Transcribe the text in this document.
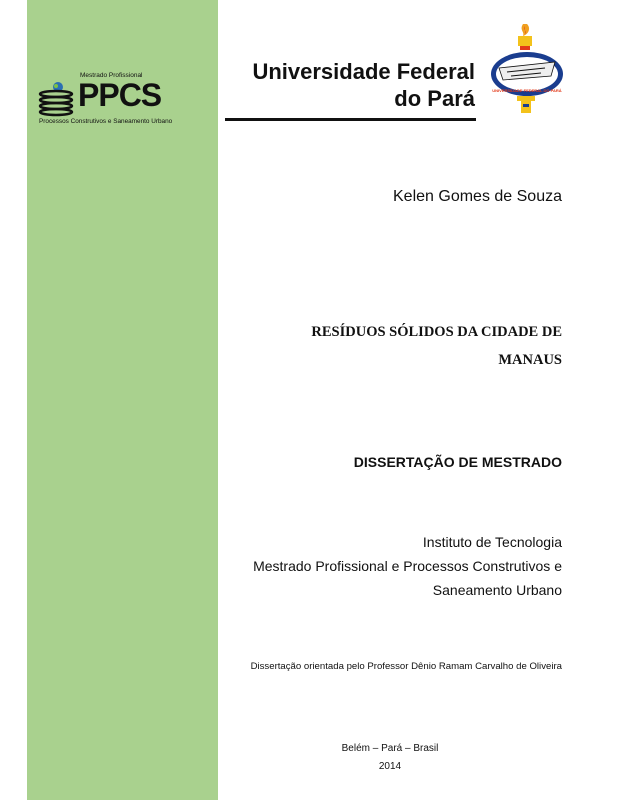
Mestrado Profissional
PPCS
Processos Construtivos e Saneamento Urbano
Universidade Federal
do Pará	UNIVERSIDADE FEDERAL DO PARÁ
Kelen Gomes de Souza
RESÍDUOS SÓLIDOS DA CIDADE DE
MANAUS
DISSERTAÇÃO DE MESTRADO
Instituto de Tecnologia
Mestrado Profissional e Processos Construtivos e
Saneamento Urbano
Dissertação orientada pelo Professor Dênio Ramam Carvalho de Oliveira
Belém – Pará – Brasil
2014
